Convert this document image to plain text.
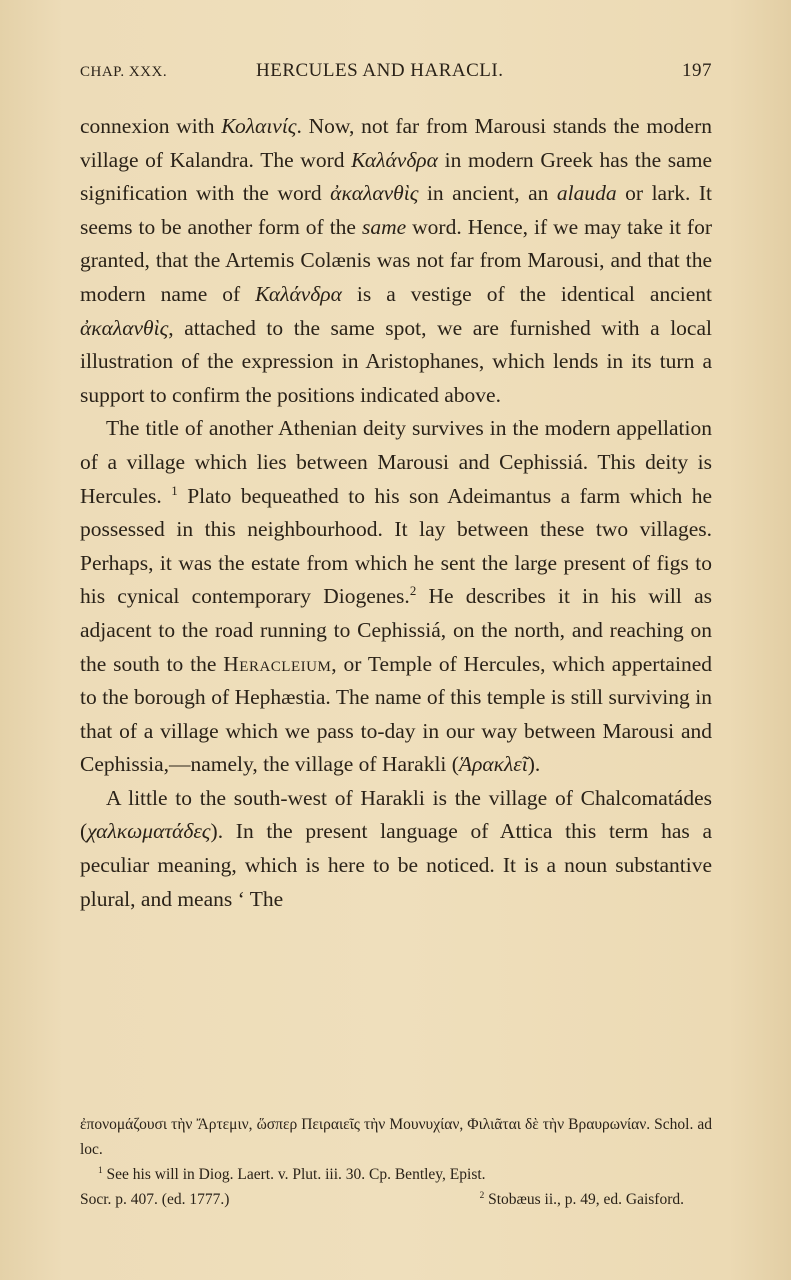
CHAP. XXX.	HERCULES AND HARACLI.	197

connexion with Κολαινίς. Now, not far from Marousi stands the modern village of Kalandra. The word Καλάνδρα in modern Greek has the same signification with the word ἀκαλανθὶς in ancient, an alauda or lark. It seems to be another form of the same word. Hence, if we may take it for granted, that the Artemis Colænis was not far from Marousi, and that the modern name of Καλάνδρα is a vestige of the identical ancient ἀκαλανθὶς, attached to the same spot, we are furnished with a local illustration of the expression in Aristophanes, which lends in its turn a support to confirm the positions indicated above.

The title of another Athenian deity survives in the modern appellation of a village which lies between Marousi and Cephissiá. This deity is Hercules. $^1$ Plato bequeathed to his son Adeimantus a farm which he possessed in this neighbourhood. It lay between these two villages. Perhaps, it was the estate from which he sent the large present of figs to his cynical contemporary Diogenes.$^2$ He describes it in his will as adjacent to the road running to Cephissiá, on the north, and reaching on the south to the Heracleium, or Temple of Hercules, which appertained to the borough of Hephæstia. The name of this temple is still surviving in that of a village which we pass to-day in our way between Marousi and Cephissia,—namely, the village of Harakli (Ἁρακλεῖ).

A little to the south-west of Harakli is the village of Chalcomatádes (χαλκωματάδες). In the present language of Attica this term has a peculiar meaning, which is here to be noticed. It is a noun substantive plural, and means ‘ The

ἐπονομάζουσι τὴν Ἄρτεμιν, ὥσπερ Πειραιεῖς τὴν Μουνυχίαν, Φιλιᾶται δὲ τὴν Βραυρωνίαν. Schol. ad loc.

$^1$ See his will in Diog. Laert. v. Plut. iii. 30. Cp. Bentley, Epist.

Socr. p. 407. (ed. 1777.)	$^2$ Stobæus ii., p. 49, ed. Gaisford.
